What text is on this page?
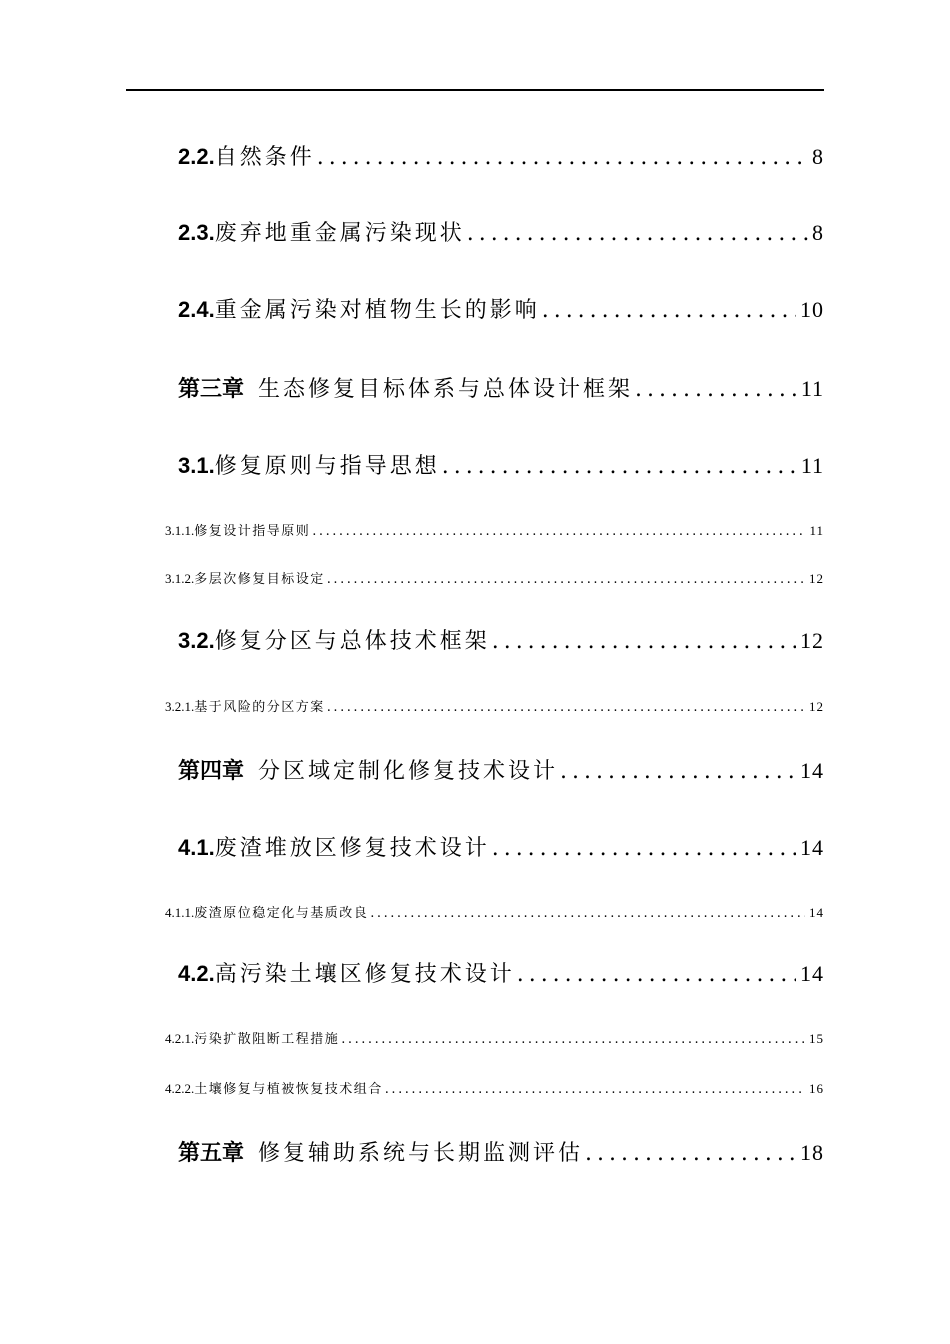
2.2. 自然条件 . . .	8
2.3. 废弃地重金属污染现状 . . .	8
2.4. 重金属污染对植物生长的影响 . . .	10
第三章 生态修复目标体系与总体设计框架 . . .	11
3.1. 修复原则与指导思想 . . .	11
3.1.1. 修复设计指导原则 . . .	11
3.1.2. 多层次修复目标设定 . . .	12
3.2. 修复分区与总体技术框架 . . .	12
3.2.1. 基于风险的分区方案 . . .	12
第四章 分区域定制化修复技术设计 . . .	14
4.1. 废渣堆放区修复技术设计 . . .	14
4.1.1. 废渣原位稳定化与基质改良 . . .	14
4.2. 高污染土壤区修复技术设计 . . .	14
4.2.1. 污染扩散阻断工程措施 . . .	15
4.2.2. 土壤修复与植被恢复技术组合 . . .	16
第五章 修复辅助系统与长期监测评估 . . .	18
